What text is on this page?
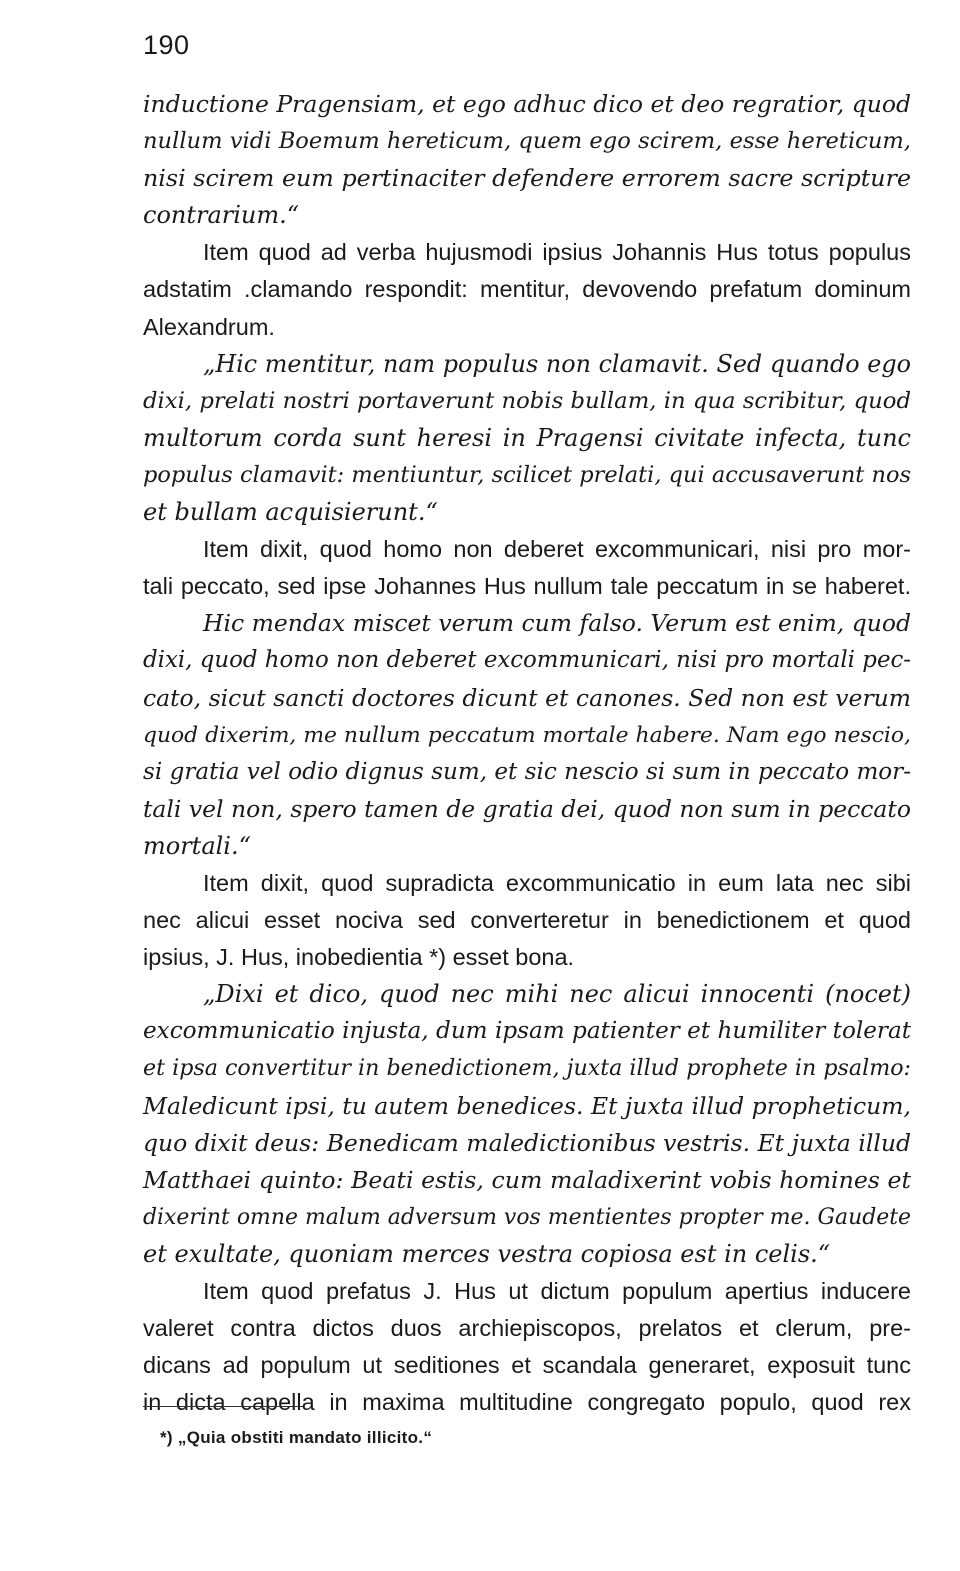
190
inductione Pragensiam, et ego adhuc dico et deo regratior, quod
nullum vidi Boemum hereticum, quem ego scirem, esse hereticum,
nisi scirem eum pertinaciter defendere errorem sacre scripture
contrarium.“
Item quod ad verba hujusmodi ipsius Johannis Hus totus populus
adstatim .clamando respondit: mentitur, devovendo prefatum dominum
Alexandrum.
„Hic mentitur, nam populus non clamavit. Sed quando ego
dixi, prelati nostri portaverunt nobis bullam, in qua scribitur, quod
multorum corda sunt heresi in Pragensi civitate infecta, tunc
populus clamavit: mentiuntur, scilicet prelati, qui accusaverunt nos
et bullam acquisierunt.“
Item dixit, quod homo non deberet excommunicari, nisi pro mor-
tali peccato, sed ipse Johannes Hus nullum tale peccatum in se haberet.
Hic mendax miscet verum cum falso. Verum est enim, quod
dixi, quod homo non deberet excommunicari, nisi pro mortali pec-
cato, sicut sancti doctores dicunt et canones. Sed non est verum
quod dixerim, me nullum peccatum mortale habere. Nam ego nescio,
si gratia vel odio dignus sum, et sic nescio si sum in peccato mor-
tali vel non, spero tamen de gratia dei, quod non sum in peccato
mortali.“
Item dixit, quod supradicta excommunicatio in eum lata nec sibi
nec alicui esset nociva sed converteretur in benedictionem et quod
ipsius, J. Hus, inobedientia *) esset bona.
„Dixi et dico, quod nec mihi nec alicui innocenti (nocet)
excommunicatio injusta, dum ipsam patienter et humiliter tolerat
et ipsa convertitur in benedictionem, juxta illud prophete in psalmo:
Maledicunt ipsi, tu autem benedices. Et juxta illud propheticum,
quo dixit deus: Benedicam maledictionibus vestris. Et juxta illud
Matthaei quinto: Beati estis, cum maladixerint vobis homines et
dixerint omne malum adversum vos mentientes propter me. Gaudete
et exultate, quoniam merces vestra copiosa est in celis.“
Item quod prefatus J. Hus ut dictum populum apertius inducere
valeret contra dictos duos archiepiscopos, prelatos et clerum, pre-
dicans ad populum ut seditiones et scandala generaret, exposuit tunc
in dicta capella in maxima multitudine congregato populo, quod rex
*) „Quia obstiti mandato illicito.“
